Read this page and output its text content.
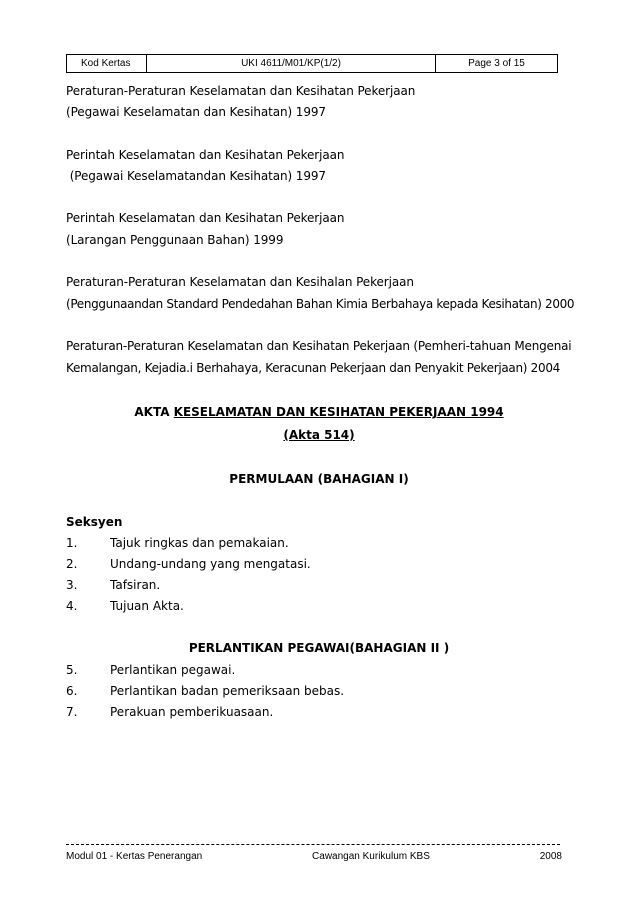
Kod Kertas	UKI 4611/M01/KP(1/2)	Page 3 of 15
Peraturan-Peraturan Keselamatan dan Kesihatan Pekerjaan
(Pegawai Keselamatan dan Kesihatan) 1997
Perintah Keselamatan dan Kesihatan Pekerjaan
(Pegawai Keselamatandan Kesihatan) 1997
Perintah Keselamatan dan Kesihatan Pekerjaan
(Larangan Penggunaan Bahan) 1999
Peraturan-Peraturan Keselamatan dan Kesihalan Pekerjaan
(Penggunaandan Standard Pendedahan Bahan Kimia Berbahaya kepada Kesihatan) 2000
Peraturan-Peraturan Keselamatan dan Kesihatan Pekerjaan (Pemheri-tahuan Mengenai
Kemalangan, Kejadia.i Berhahaya, Keracunan Pekerjaan dan Penyakit Pekerjaan) 2004
AKTA KESELAMATAN DAN KESIHATAN PEKERJAAN 1994
(Akta 514)
PERMULAAN (BAHAGIAN I)
Seksyen
1.	Tajuk ringkas dan pemakaian.
2.	Undang-undang yang mengatasi.
3.	Tafsiran.
4.	Tujuan Akta.
PERLANTIKAN PEGAWAI(BAHAGIAN II )
5.	Perlantikan pegawai.
6.	Perlantikan badan pemeriksaan bebas.
7.	Perakuan pemberikuasaan.
Modul 01 - Kertas Penerangan	Cawangan Kurikulum KBS	2008
